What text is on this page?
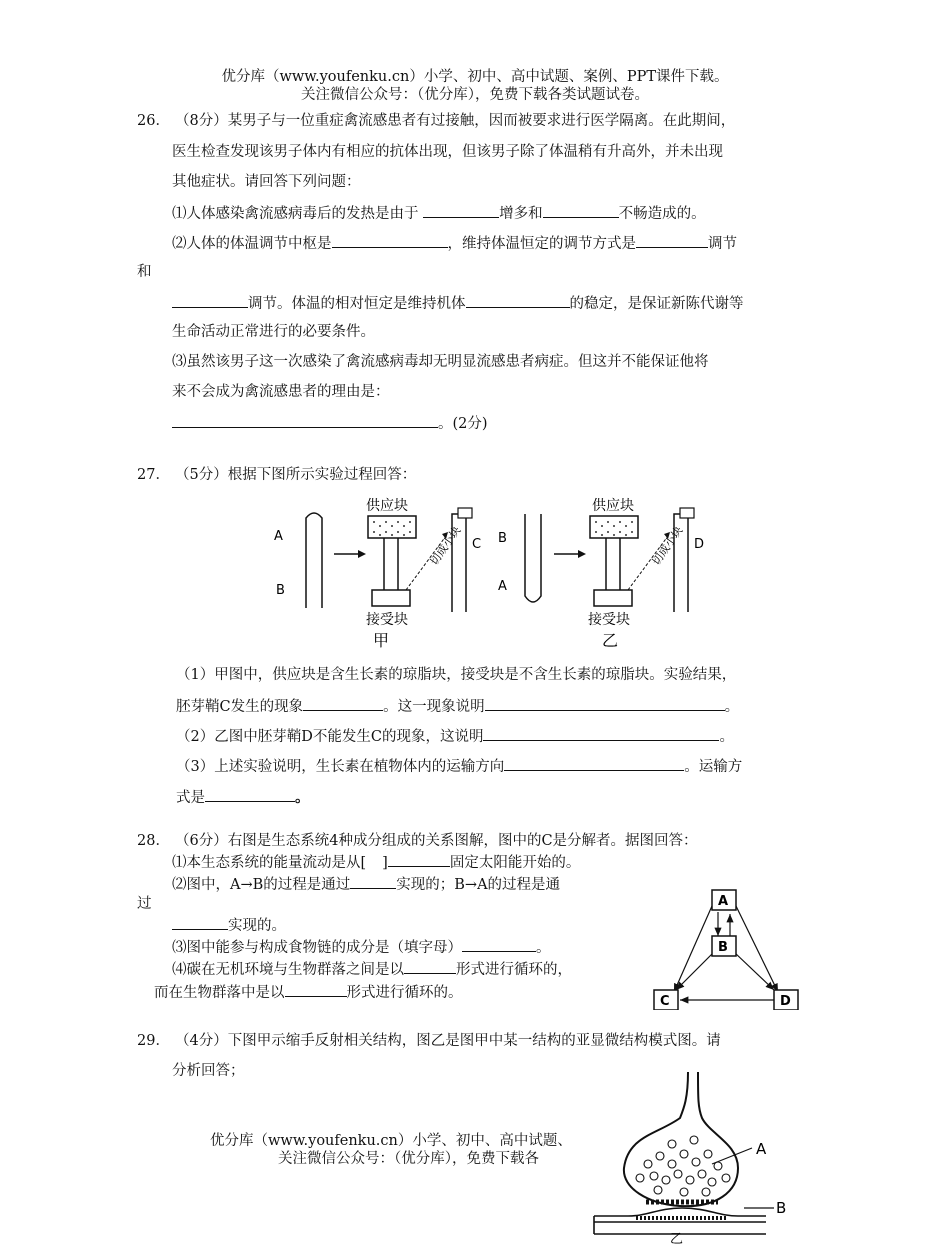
优分库（www.youfenku.cn）小学、初中、高中试题、案例、PPT课件下载。
关注微信公众号：（优分库），免费下载各类试题试卷。
26． （8分）某男子与一位重症禽流感患者有过接触，因而被要求进行医学隔离。在此期间，
医生检查发现该男子体内有相应的抗体出现，但该男子除了体温稍有升高外，并未出现
其他症状。请回答下列问题：
⑴人体感染禽流感病毒后的发热是由于	增多和	不畅造成的。
⑵人体的体温调节中枢是	，维持体温恒定的调节方式是	调节
和
调节。体温的相对恒定是维持机体	的稳定，是保证新陈代谢等
生命活动正常进行的必要条件。
⑶虽然该男子这一次感染了禽流感病毒却无明显流感患者病症。但这并不能保证他将
来不会成为禽流感患者的理由是：
。(2分)
27． （5分）根据下图所示实验过程回答：
A
B
供应块
接受块
切成小块 C
甲
B
A
供应块
接受块
切成小块 D
乙
（1）甲图中，供应块是含生长素的琼脂块，接受块是不含生长素的琼脂块。实验结果，
胚芽鞘C发生的现象	。这一现象说明	。
（2）乙图中胚芽鞘D不能发生C的现象，这说明	。
（3）上述实验说明，生长素在植物体内的运输方向	。运输方
式是	。
28． （6分）右图是生态系统4种成分组成的关系图解，图中的C是分解者。据图回答：
⑴本生态系统的能量流动是从[ ]	固定太阳能开始的。
⑵图中，A→B的过程是通过	实现的；B→A的过程是通
过
实现的。
⑶图中能参与构成食物链的成分是（填字母）	。
⑷碳在无机环境与生物群落之间是以	形式进行循环的，
而在生物群落中是以	形式进行循环的。
A
B
C	D
29． （4分）下图甲示缩手反射相关结构，图乙是图甲中某一结构的亚显微结构模式图。请
分析回答；
A
B
乙
优分库（www.youfenku.cn）小学、初中、高中试题、
关注微信公众号：（优分库），免费下载各
